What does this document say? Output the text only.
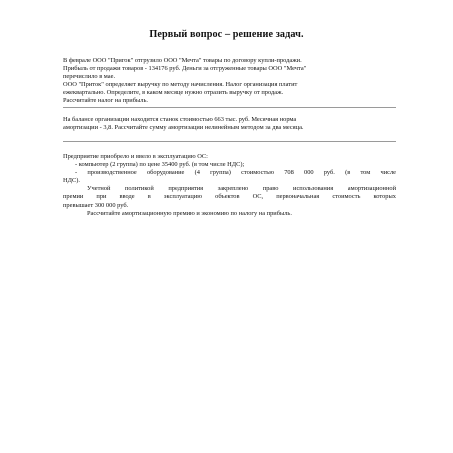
Первый вопрос – решение задач.
В феврале ООО "Пригок" отгрузило ООО "Мечта" товары по договору купли-продажи.
Прибыль от продажи товаров - 134176 руб. Деньги за отгруженные товары ООО "Мечта"
перечислило в мае.
ООО "Приток" определяет выручку по методу начисления. Налог организация платит
ежеквартально. Определите, в каком месяце нужно отразить выручку от продаж.
Рассчитайте налог на прибыль.
На балансе организации находится станок стоимостью 663 тыс. руб. Месячная норма
амортизации - 3,8. Рассчитайте сумму амортизации нелинейным методом за два месяца.
Предприятие приобрело и ввело в эксплуатацию ОС:
- компьютер (2 группа) по цене 35400 руб. (в том числе НДС);
- производственное оборудование (4 группа) стоимостью 708 000 руб. (в том числе
НДС).
Учетной политикой предприятия закреплено право использования амортизационной
премии при вводе в эксплуатацию объектов ОС, первоначальная стоимость которых
превышает 300 000 руб.
Рассчитайте амортизационную премию и экономию по налогу на прибыль.
